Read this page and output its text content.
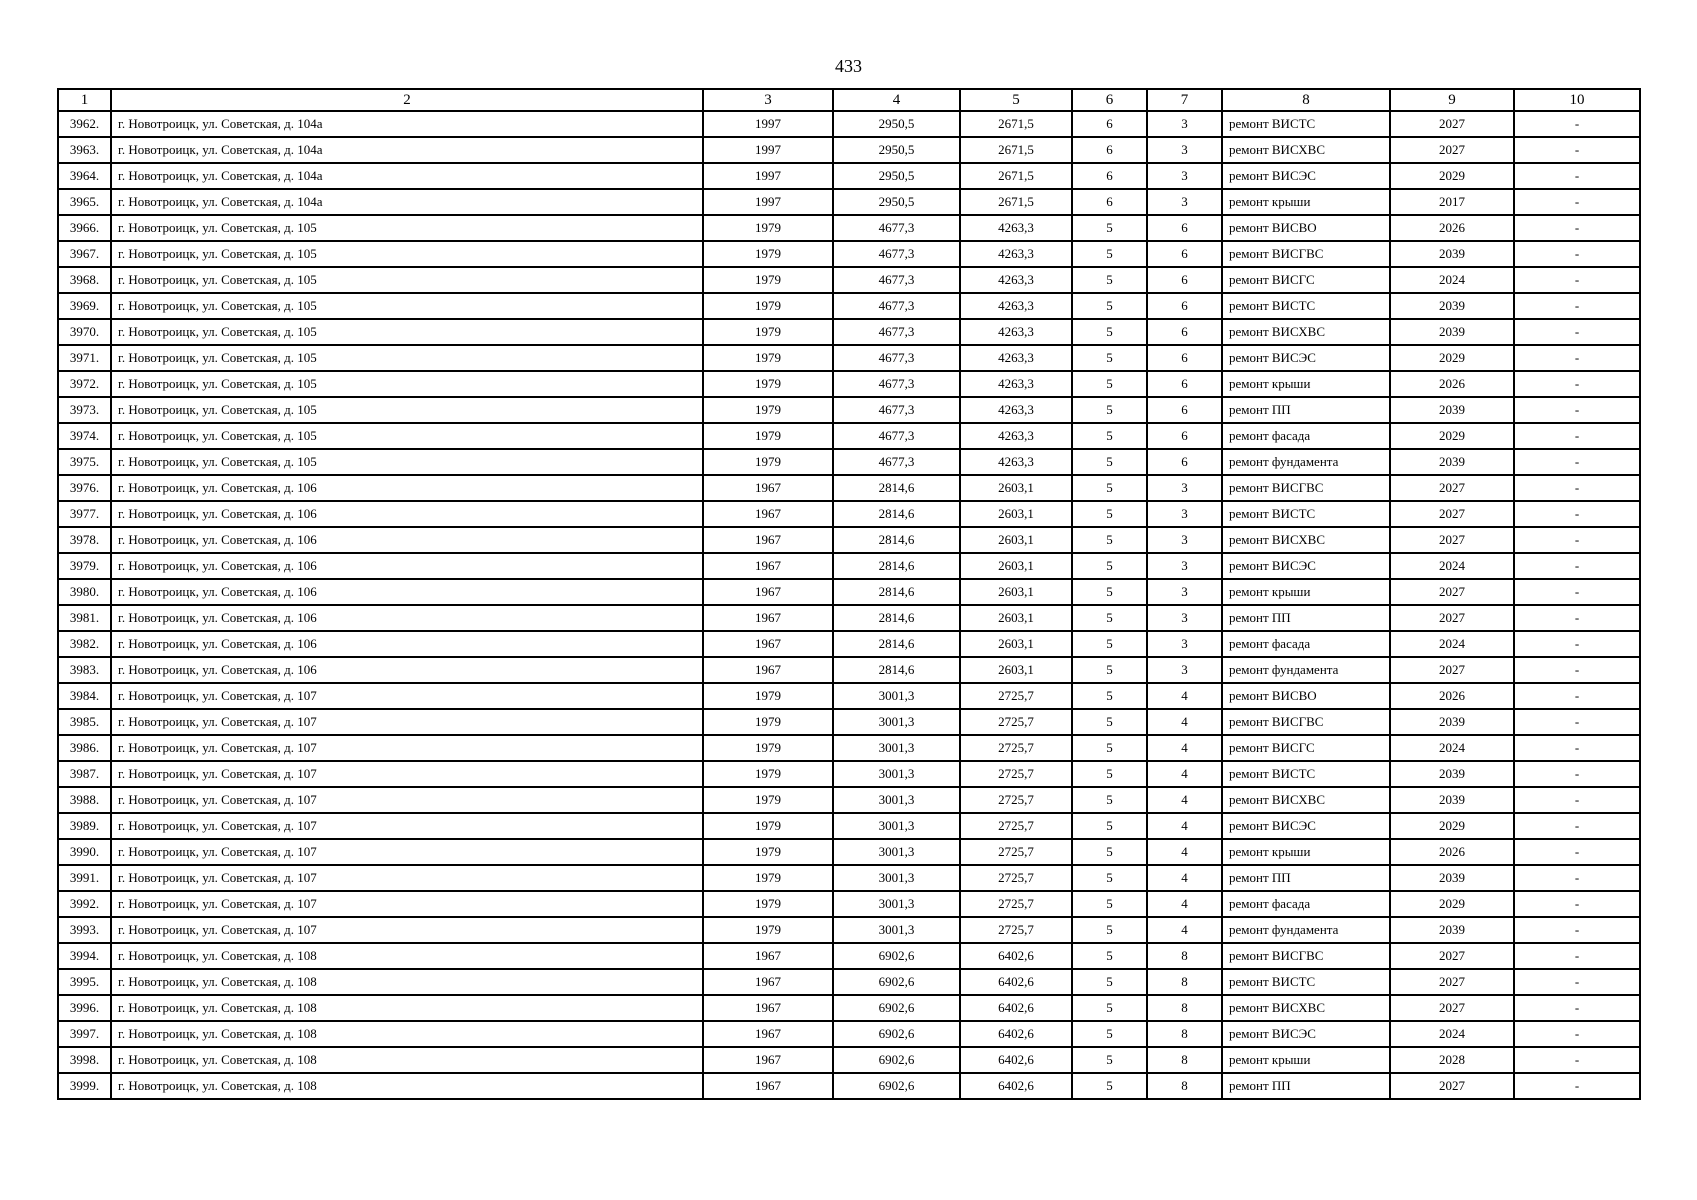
433
1	2	3	4	5	6	7	8	9	10
3962.	г. Новотроицк, ул. Советская, д. 104а	1997	2950,5	2671,5	6	3	ремонт ВИСТС	2027	-
3963.	г. Новотроицк, ул. Советская, д. 104а	1997	2950,5	2671,5	6	3	ремонт ВИСХВС	2027	-
3964.	г. Новотроицк, ул. Советская, д. 104а	1997	2950,5	2671,5	6	3	ремонт ВИСЭС	2029	-
3965.	г. Новотроицк, ул. Советская, д. 104а	1997	2950,5	2671,5	6	3	ремонт крыши	2017	-
3966.	г. Новотроицк, ул. Советская, д. 105	1979	4677,3	4263,3	5	6	ремонт ВИСВО	2026	-
3967.	г. Новотроицк, ул. Советская, д. 105	1979	4677,3	4263,3	5	6	ремонт ВИСГВС	2039	-
3968.	г. Новотроицк, ул. Советская, д. 105	1979	4677,3	4263,3	5	6	ремонт ВИСГС	2024	-
3969.	г. Новотроицк, ул. Советская, д. 105	1979	4677,3	4263,3	5	6	ремонт ВИСТС	2039	-
3970.	г. Новотроицк, ул. Советская, д. 105	1979	4677,3	4263,3	5	6	ремонт ВИСХВС	2039	-
3971.	г. Новотроицк, ул. Советская, д. 105	1979	4677,3	4263,3	5	6	ремонт ВИСЭС	2029	-
3972.	г. Новотроицк, ул. Советская, д. 105	1979	4677,3	4263,3	5	6	ремонт крыши	2026	-
3973.	г. Новотроицк, ул. Советская, д. 105	1979	4677,3	4263,3	5	6	ремонт ПП	2039	-
3974.	г. Новотроицк, ул. Советская, д. 105	1979	4677,3	4263,3	5	6	ремонт фасада	2029	-
3975.	г. Новотроицк, ул. Советская, д. 105	1979	4677,3	4263,3	5	6	ремонт фундамента	2039	-
3976.	г. Новотроицк, ул. Советская, д. 106	1967	2814,6	2603,1	5	3	ремонт ВИСГВС	2027	-
3977.	г. Новотроицк, ул. Советская, д. 106	1967	2814,6	2603,1	5	3	ремонт ВИСТС	2027	-
3978.	г. Новотроицк, ул. Советская, д. 106	1967	2814,6	2603,1	5	3	ремонт ВИСХВС	2027	-
3979.	г. Новотроицк, ул. Советская, д. 106	1967	2814,6	2603,1	5	3	ремонт ВИСЭС	2024	-
3980.	г. Новотроицк, ул. Советская, д. 106	1967	2814,6	2603,1	5	3	ремонт крыши	2027	-
3981.	г. Новотроицк, ул. Советская, д. 106	1967	2814,6	2603,1	5	3	ремонт ПП	2027	-
3982.	г. Новотроицк, ул. Советская, д. 106	1967	2814,6	2603,1	5	3	ремонт фасада	2024	-
3983.	г. Новотроицк, ул. Советская, д. 106	1967	2814,6	2603,1	5	3	ремонт фундамента	2027	-
3984.	г. Новотроицк, ул. Советская, д. 107	1979	3001,3	2725,7	5	4	ремонт ВИСВО	2026	-
3985.	г. Новотроицк, ул. Советская, д. 107	1979	3001,3	2725,7	5	4	ремонт ВИСГВС	2039	-
3986.	г. Новотроицк, ул. Советская, д. 107	1979	3001,3	2725,7	5	4	ремонт ВИСГС	2024	-
3987.	г. Новотроицк, ул. Советская, д. 107	1979	3001,3	2725,7	5	4	ремонт ВИСТС	2039	-
3988.	г. Новотроицк, ул. Советская, д. 107	1979	3001,3	2725,7	5	4	ремонт ВИСХВС	2039	-
3989.	г. Новотроицк, ул. Советская, д. 107	1979	3001,3	2725,7	5	4	ремонт ВИСЭС	2029	-
3990.	г. Новотроицк, ул. Советская, д. 107	1979	3001,3	2725,7	5	4	ремонт крыши	2026	-
3991.	г. Новотроицк, ул. Советская, д. 107	1979	3001,3	2725,7	5	4	ремонт ПП	2039	-
3992.	г. Новотроицк, ул. Советская, д. 107	1979	3001,3	2725,7	5	4	ремонт фасада	2029	-
3993.	г. Новотроицк, ул. Советская, д. 107	1979	3001,3	2725,7	5	4	ремонт фундамента	2039	-
3994.	г. Новотроицк, ул. Советская, д. 108	1967	6902,6	6402,6	5	8	ремонт ВИСГВС	2027	-
3995.	г. Новотроицк, ул. Советская, д. 108	1967	6902,6	6402,6	5	8	ремонт ВИСТС	2027	-
3996.	г. Новотроицк, ул. Советская, д. 108	1967	6902,6	6402,6	5	8	ремонт ВИСХВС	2027	-
3997.	г. Новотроицк, ул. Советская, д. 108	1967	6902,6	6402,6	5	8	ремонт ВИСЭС	2024	-
3998.	г. Новотроицк, ул. Советская, д. 108	1967	6902,6	6402,6	5	8	ремонт крыши	2028	-
3999.	г. Новотроицк, ул. Советская, д. 108	1967	6902,6	6402,6	5	8	ремонт ПП	2027	-
